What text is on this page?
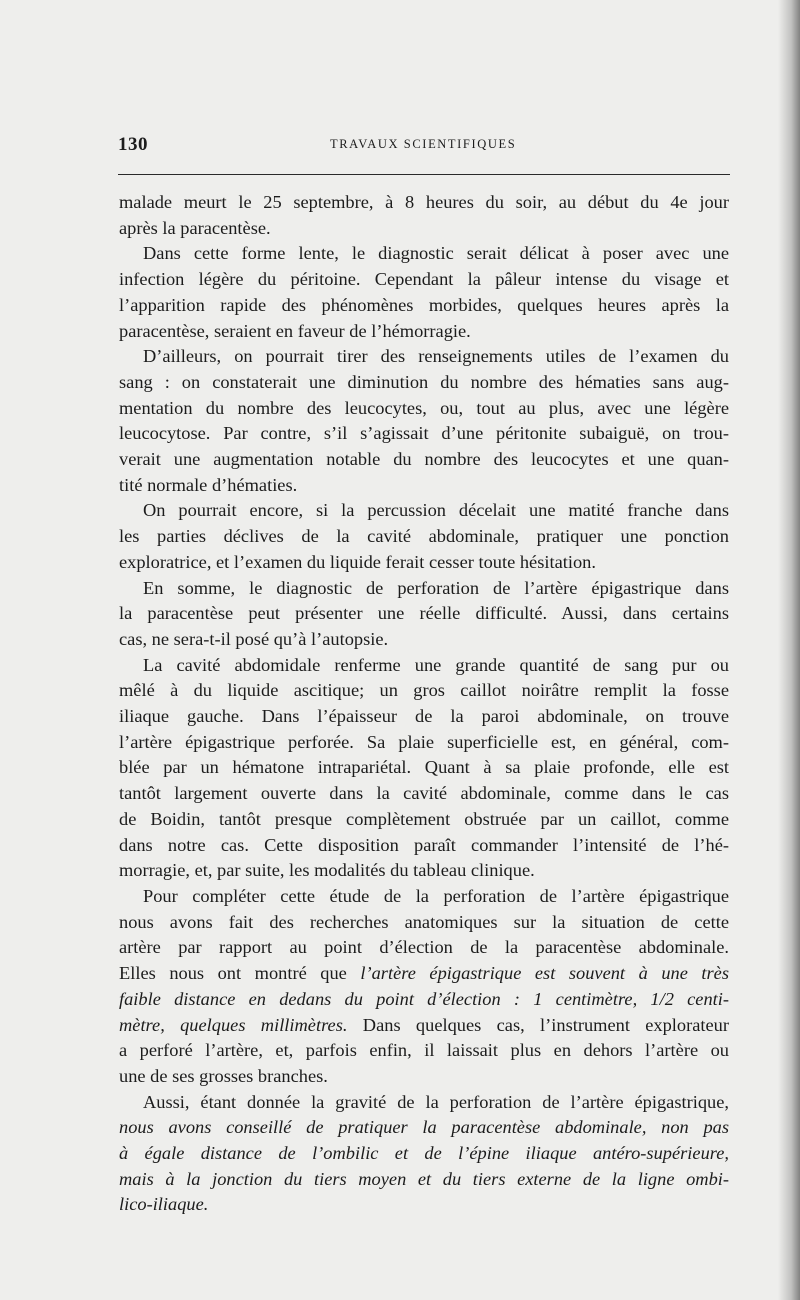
130	TRAVAUX SCIENTIFIQUES
malade meurt le 25 septembre, à 8 heures du soir, au début du 4e jour
après la paracentèse.
Dans cette forme lente, le diagnostic serait délicat à poser avec une
infection légère du péritoine. Cependant la pâleur intense du visage et
l’apparition rapide des phénomènes morbides, quelques heures après la
paracentèse, seraient en faveur de l’hémorragie.
D’ailleurs, on pourrait tirer des renseignements utiles de l’examen du
sang : on constaterait une diminution du nombre des hématies sans aug-
mentation du nombre des leucocytes, ou, tout au plus, avec une légère
leucocytose. Par contre, s’il s’agissait d’une péritonite subaiguë, on trou-
verait une augmentation notable du nombre des leucocytes et une quan-
tité normale d’hématies.
On pourrait encore, si la percussion décelait une matité franche dans
les parties déclives de la cavité abdominale, pratiquer une ponction
exploratrice, et l’examen du liquide ferait cesser toute hésitation.
En somme, le diagnostic de perforation de l’artère épigastrique dans
la paracentèse peut présenter une réelle difficulté. Aussi, dans certains
cas, ne sera-t-il posé qu’à l’autopsie.
La cavité abdomidale renferme une grande quantité de sang pur ou
mêlé à du liquide ascitique; un gros caillot noirâtre remplit la fosse
iliaque gauche. Dans l’épaisseur de la paroi abdominale, on trouve
l’artère épigastrique perforée. Sa plaie superficielle est, en général, com-
blée par un hématone intrapariétal. Quant à sa plaie profonde, elle est
tantôt largement ouverte dans la cavité abdominale, comme dans le cas
de Boidin, tantôt presque complètement obstruée par un caillot, comme
dans notre cas. Cette disposition paraît commander l’intensité de l’hé-
morragie, et, par suite, les modalités du tableau clinique.
Pour compléter cette étude de la perforation de l’artère épigastrique
nous avons fait des recherches anatomiques sur la situation de cette
artère par rapport au point d’élection de la paracentèse abdominale.
Elles nous ont montré que l’artère épigastrique est souvent à une très
faible distance en dedans du point d’élection : 1 centimètre, 1/2 centi-
mètre, quelques millimètres. Dans quelques cas, l’instrument explorateur
a perforé l’artère, et, parfois enfin, il laissait plus en dehors l’artère ou
une de ses grosses branches.
Aussi, étant donnée la gravité de la perforation de l’artère épigastrique,
nous avons conseillé de pratiquer la paracentèse abdominale, non pas
à égale distance de l’ombilic et de l’épine iliaque antéro-supérieure,
mais à la jonction du tiers moyen et du tiers externe de la ligne ombi-
lico-iliaque.
